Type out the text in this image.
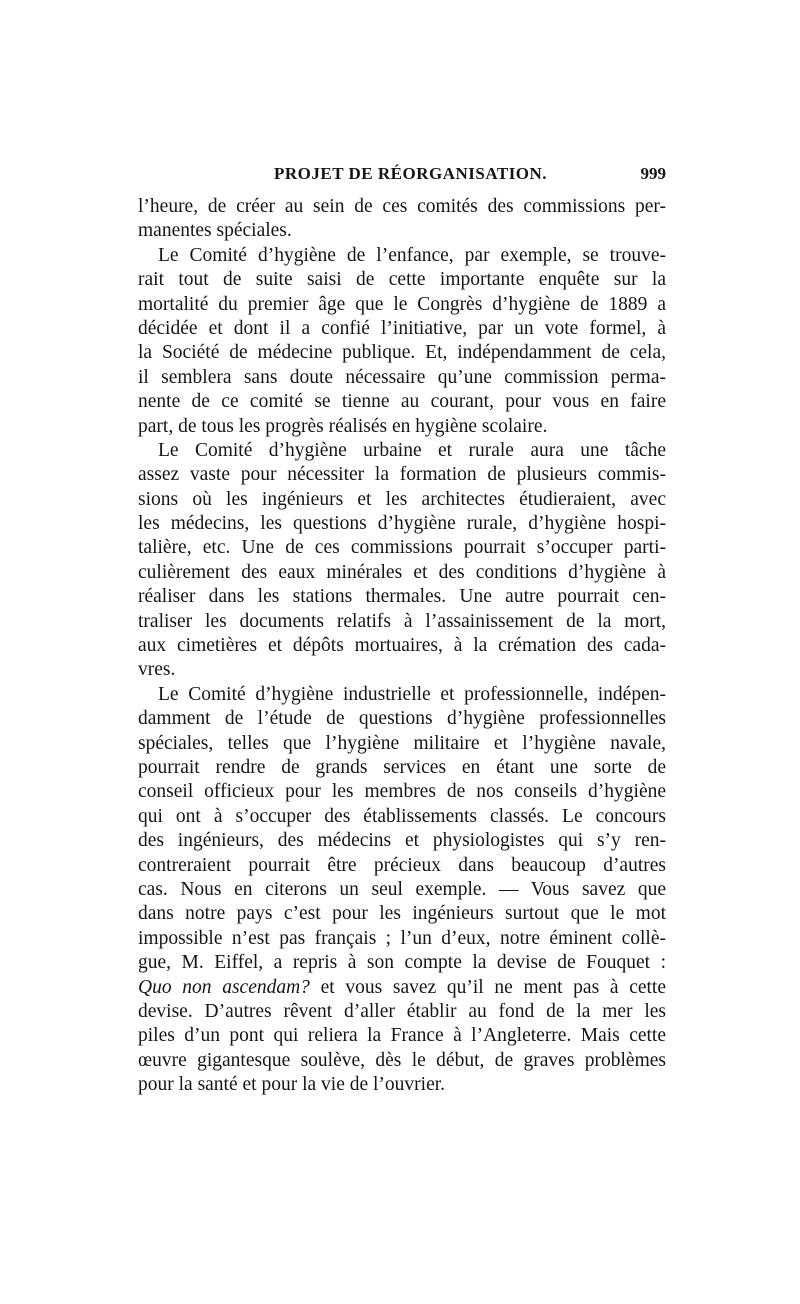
PROJET DE RÉORGANISATION.	999
l’heure, de créer au sein de ces comités des commissions per-
manentes spéciales.
Le Comité d’hygiène de l’enfance, par exemple, se trouve-
rait tout de suite saisi de cette importante enquête sur la
mortalité du premier âge que le Congrès d’hygiène de 1889 a
décidée et dont il a confié l’initiative, par un vote formel, à
la Société de médecine publique. Et, indépendamment de cela,
il semblera sans doute nécessaire qu’une commission perma-
nente de ce comité se tienne au courant, pour vous en faire
part, de tous les progrès réalisés en hygiène scolaire.
Le Comité d’hygiène urbaine et rurale aura une tâche
assez vaste pour nécessiter la formation de plusieurs commis-
sions où les ingénieurs et les architectes étudieraient, avec
les médecins, les questions d’hygiène rurale, d’hygiène hospi-
talière, etc. Une de ces commissions pourrait s’occuper parti-
culièrement des eaux minérales et des conditions d’hygiène à
réaliser dans les stations thermales. Une autre pourrait cen-
traliser les documents relatifs à l’assainissement de la mort,
aux cimetières et dépôts mortuaires, à la crémation des cada-
vres.
Le Comité d’hygiène industrielle et professionnelle, indépen-
damment de l’étude de questions d’hygiène professionnelles
spéciales, telles que l’hygiène militaire et l’hygiène navale,
pourrait rendre de grands services en étant une sorte de
conseil officieux pour les membres de nos conseils d’hygiène
qui ont à s’occuper des établissements classés. Le concours
des ingénieurs, des médecins et physiologistes qui s’y ren-
contreraient pourrait être précieux dans beaucoup d’autres
cas. Nous en citerons un seul exemple. — Vous savez que
dans notre pays c’est pour les ingénieurs surtout que le mot
impossible n’est pas français ; l’un d’eux, notre éminent collè-
gue, M. Eiffel, a repris à son compte la devise de Fouquet :
Quo non ascendam? et vous savez qu’il ne ment pas à cette
devise. D’autres rêvent d’aller établir au fond de la mer les
piles d’un pont qui reliera la France à l’Angleterre. Mais cette
œuvre gigantesque soulève, dès le début, de graves problèmes
pour la santé et pour la vie de l’ouvrier.
